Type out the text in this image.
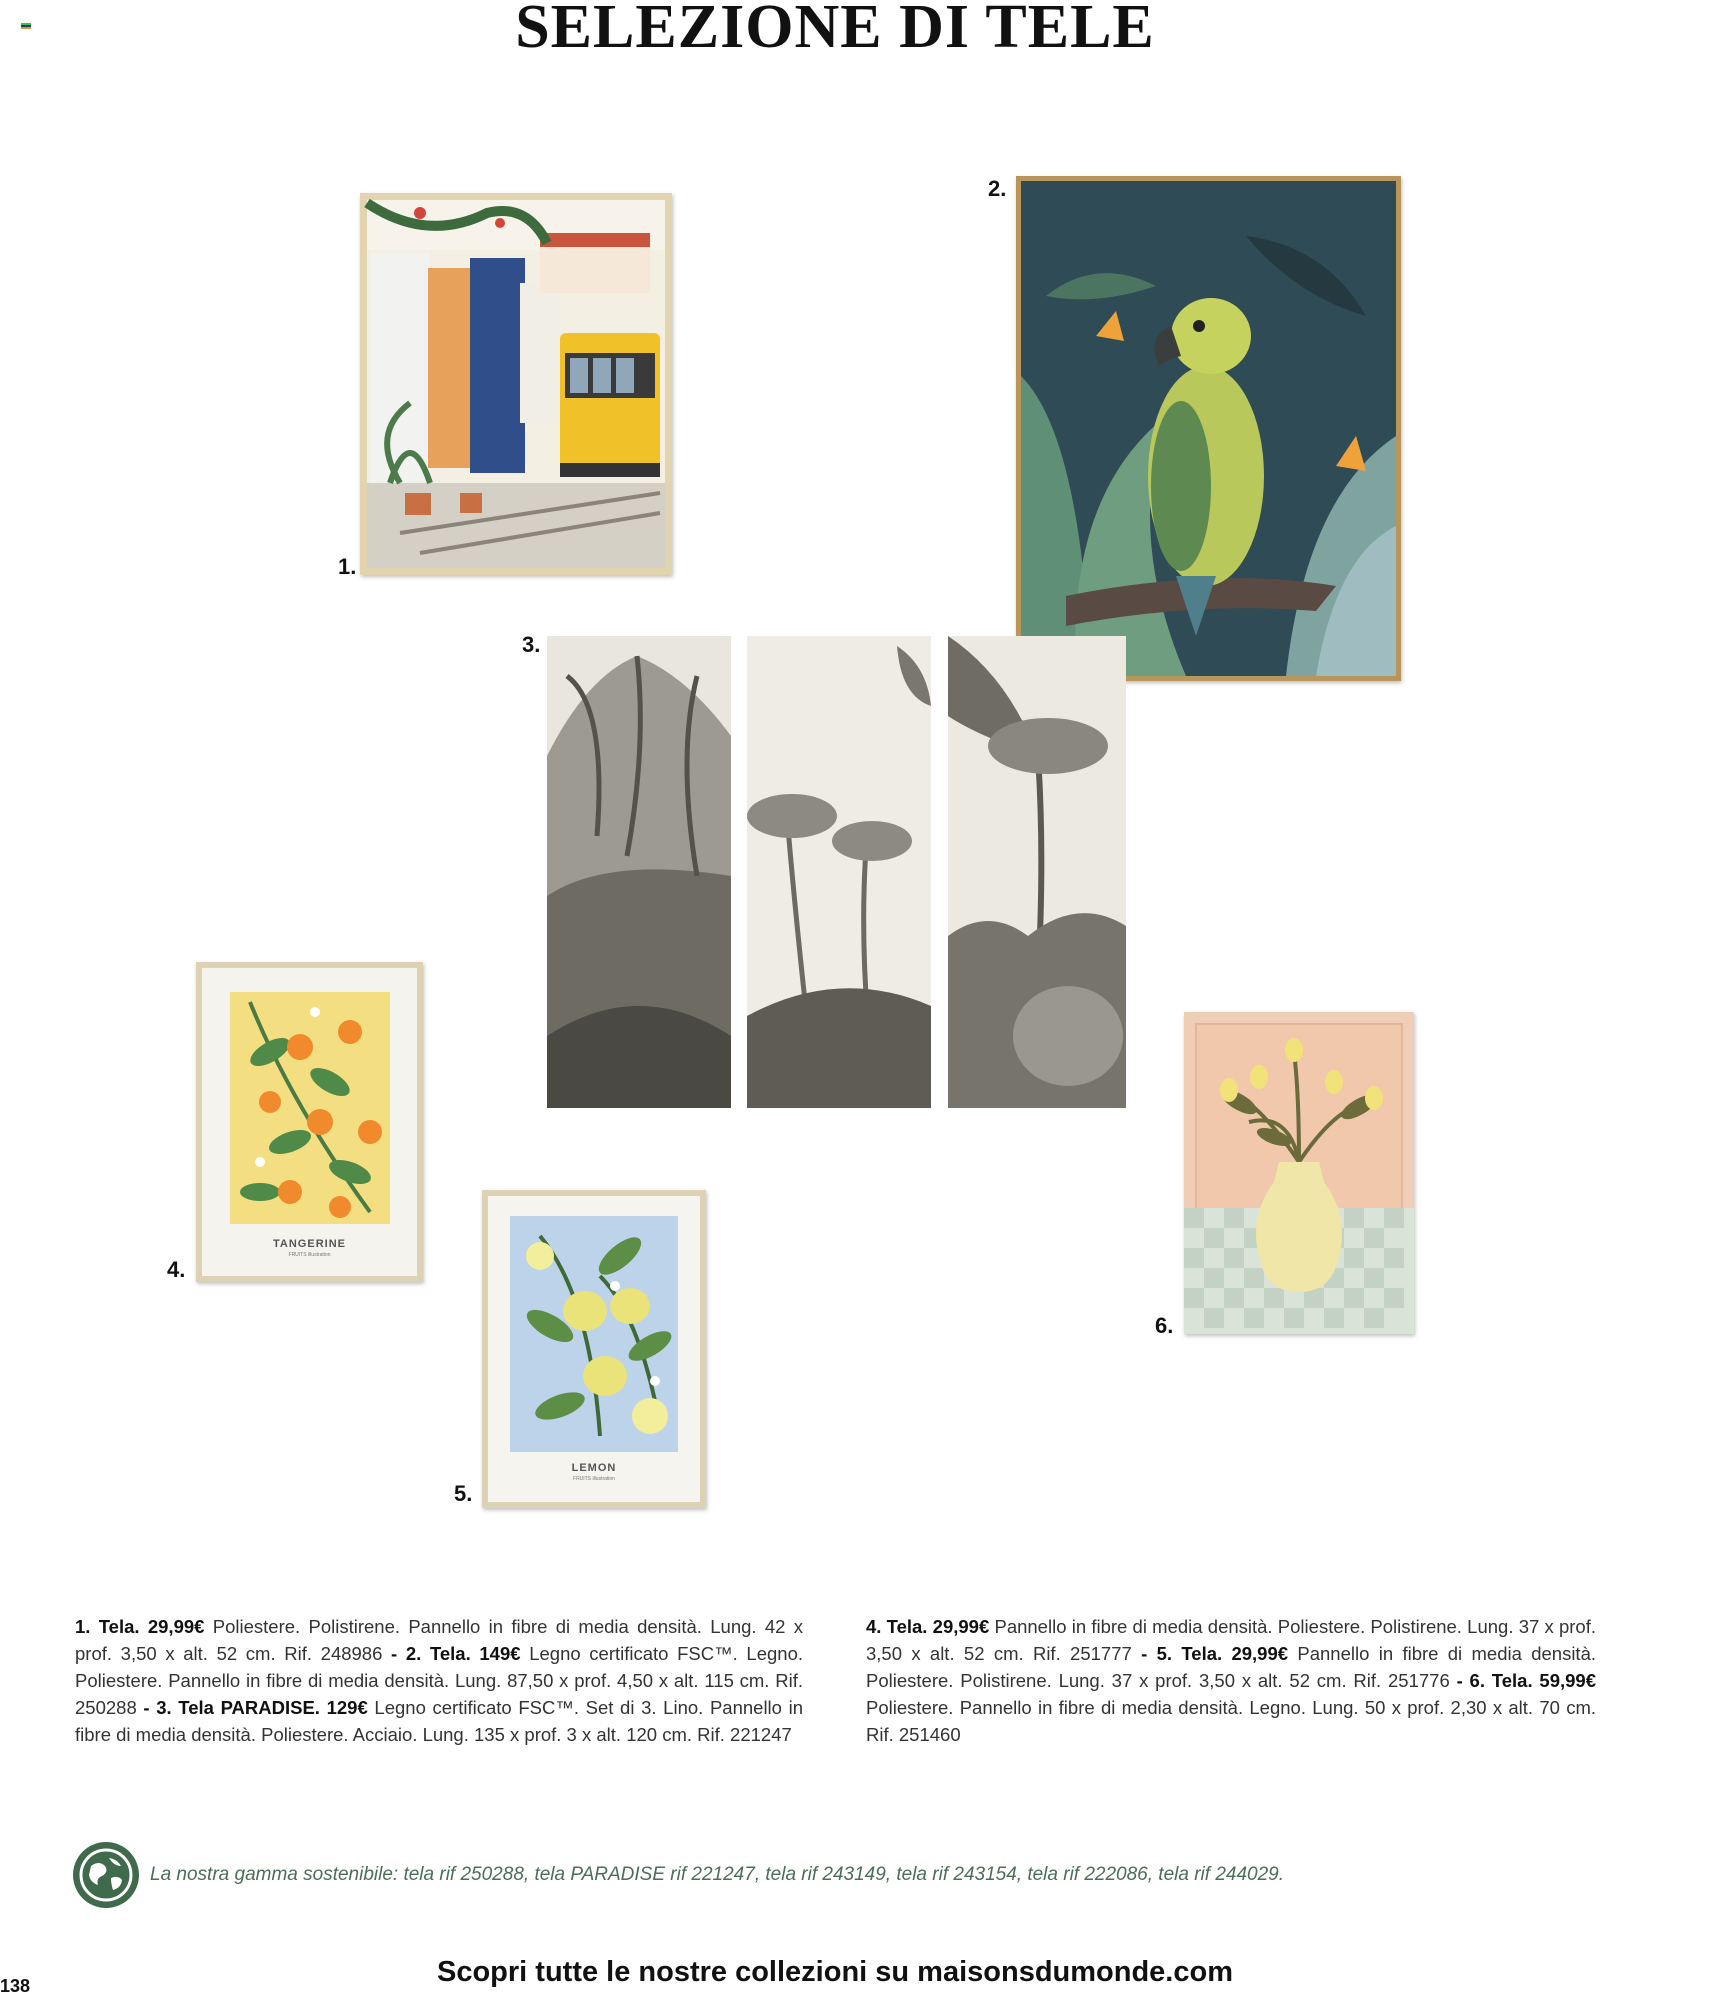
SELEZIONE DI TELE
1.
2.
3.
4.
TANGERINE
FRUITS illustration
5.
LEMON
FRUITS illustration
6.
1. Tela. 29,99€ Poliestere. Polistirene. Pannello in fibre di media densità. Lung. 42 x prof. 3,50 x alt. 52 cm. Rif. 248986 - 2. Tela. 149€ Legno certificato FSC™. Legno. Poliestere. Pannello in fibre di media densità. Lung. 87,50 x prof. 4,50 x alt. 115 cm. Rif. 250288 - 3. Tela PARADISE. 129€ Legno certificato FSC™. Set di 3. Lino. Pannello in fibre di media densità. Poliestere. Acciaio. Lung. 135 x prof. 3 x alt. 120 cm. Rif. 221247
4. Tela. 29,99€ Pannello in fibre di media densità. Poliestere. Polistirene. Lung. 37 x prof. 3,50 x alt. 52 cm. Rif. 251777 - 5. Tela. 29,99€ Pannello in fibre di media densità. Poliestere. Polistirene. Lung. 37 x prof. 3,50 x alt. 52 cm. Rif. 251776 - 6. Tela. 59,99€ Poliestere. Pannello in fibre di media densità. Legno. Lung. 50 x prof. 2,30 x alt. 70 cm. Rif. 251460
La nostra gamma sostenibile: tela rif 250288, tela PARADISE rif 221247, tela rif 243149, tela rif 243154, tela rif 222086, tela rif 244029.
Scopri tutte le nostre collezioni su maisonsdumonde.com
138
